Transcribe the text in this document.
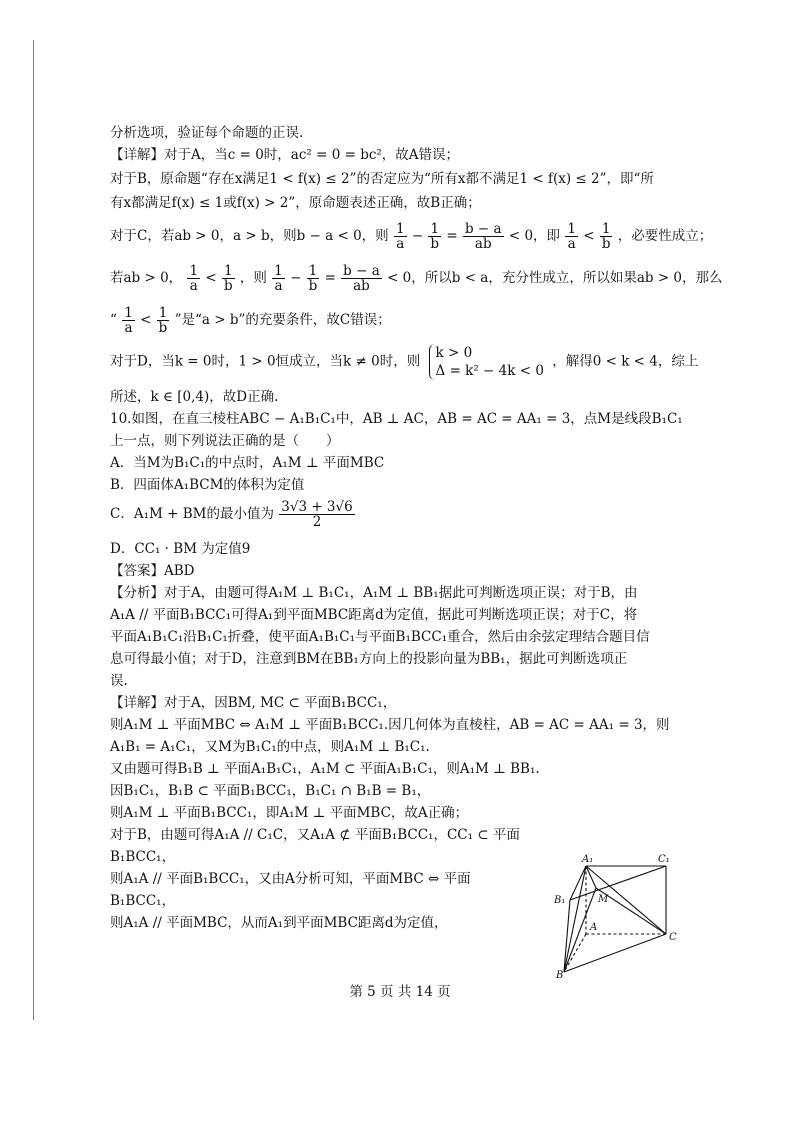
分析选项，验证每个命题的正误.
【详解】对于A，当c = 0时，ac² = 0 = bc²，故A错误；
对于B，原命题“存在x满足1 < f(x) ≤ 2”的否定应为“所有x都不满足1 < f(x) ≤ 2”，即“所
有x都满足f(x) ≤ 1或f(x) > 2”，原命题表述正确，故B正确；
对于C，若ab > 0，a > b，则b − a < 0，则 $\frac{1}{a} - \frac{1}{b} = \frac{b - a}{ab} < 0$，即 $\frac{1}{a} < \frac{1}{b}$ ，必要性成立；
若ab > 0， $\frac{1}{a} < \frac{1}{b}$ ，则 $\frac{1}{a} - \frac{1}{b} = \frac{b - a}{ab} < 0$，所以b < a，充分性成立，所以如果ab > 0，那么
“ $\frac{1}{a} < \frac{1}{b}$ ”是“a > b”的充要条件，故C错误；
对于D，当k = 0时，1 > 0恒成立，当k ≠ 0时，则
k > 0
Δ = k² − 4k < 0
，解得0 < k < 4，综上
所述，k ∈ [0,4)，故D正确.
10.如图，在直三棱柱ABC − A₁B₁C₁中，AB ⊥ AC，AB = AC = AA₁ = 3，点M是线段B₁C₁
上一点，则下列说法正确的是（　　）
A．当M为B₁C₁的中点时，A₁M ⊥ 平面MBC
B．四面体A₁BCM的体积为定值
C．A₁M + BM的最小值为 $\frac{3√3 + 3√6}{2}$
D．CC₁ · BM 为定值9
【答案】ABD
【分析】对于A，由题可得A₁M ⊥ B₁C₁，A₁M ⊥ BB₁据此可判断选项正误；对于B，由
A₁A // 平面B₁BCC₁可得A₁到平面MBC距离d为定值，据此可判断选项正误；对于C，将
平面A₁B₁C₁沿B₁C₁折叠，使平面A₁B₁C₁与平面B₁BCC₁重合，然后由余弦定理结合题目信
息可得最小值；对于D，注意到BM在BB₁方向上的投影向量为BB₁，据此可判断选项正
误.
【详解】对于A，因BM, MC ⊂ 平面B₁BCC₁，
则A₁M ⊥ 平面MBC ⇔ A₁M ⊥ 平面B₁BCC₁.因几何体为直棱柱，AB = AC = AA₁ = 3，则
A₁B₁ = A₁C₁，又M为B₁C₁的中点，则A₁M ⊥ B₁C₁.
又由题可得B₁B ⊥ 平面A₁B₁C₁，A₁M ⊂ 平面A₁B₁C₁，则A₁M ⊥ BB₁.
因B₁C₁，B₁B ⊂ 平面B₁BCC₁，B₁C₁ ∩ B₁B = B₁，
则A₁M ⊥ 平面B₁BCC₁，即A₁M ⊥ 平面MBC，故A正确；
对于B，由题可得A₁A // C₁C，又A₁A ⊄ 平面B₁BCC₁，CC₁ ⊂ 平面
B₁BCC₁，
则A₁A // 平面B₁BCC₁，又由A分析可知，平面MBC ⇔ 平面
B₁BCC₁，
则A₁A // 平面MBC，从而A₁到平面MBC距离d为定值，
A₁	C₁
B₁	M
A
C
B
第 5 页 共 14 页
